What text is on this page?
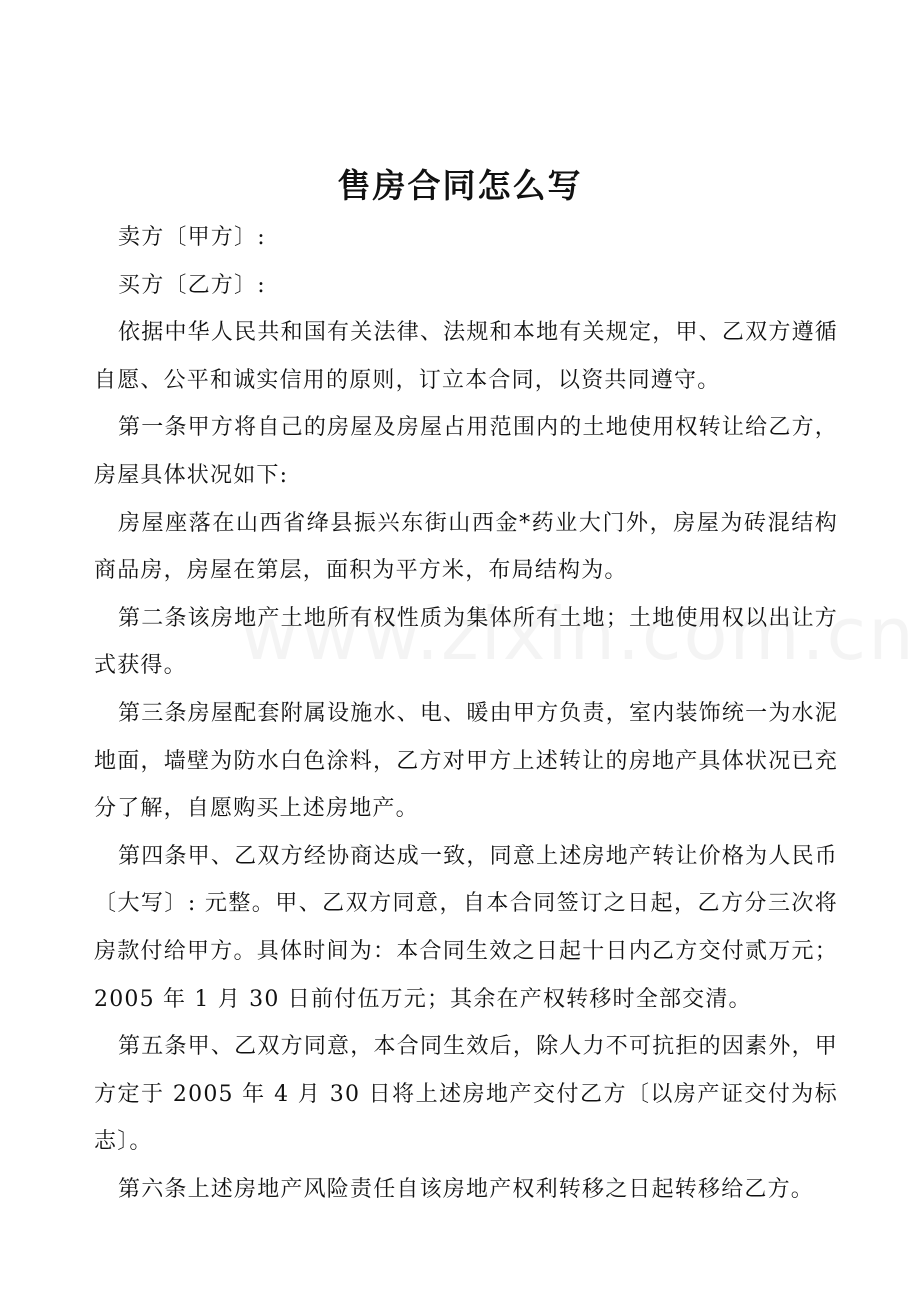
售房合同怎么写

卖方〔甲方〕:

买方〔乙方〕:

依据中华人民共和国有关法律、法规和本地有关规定，甲、乙双方遵循自愿、公平和诚实信用的原则，订立本合同，以资共同遵守。

第一条甲方将自己的房屋及房屋占用范围内的土地使用权转让给乙方，房屋具体状况如下:

房屋座落在山西省绛县振兴东街山西金*药业大门外，房屋为砖混结构商品房，房屋在第层，面积为平方米，布局结构为。

第二条该房地产土地所有权性质为集体所有土地；土地使用权以出让方式获得。

第三条房屋配套附属设施水、电、暖由甲方负责，室内装饰统一为水泥地面，墙壁为防水白色涂料，乙方对甲方上述转让的房地产具体状况已充分了解，自愿购买上述房地产。

第四条甲、乙双方经协商达成一致，同意上述房地产转让价格为人民币〔大写〕: 元整。甲、乙双方同意，自本合同签订之日起，乙方分三次将房款付给甲方。具体时间为：本合同生效之日起十日内乙方交付贰万元；2005 年 1 月 30 日前付伍万元；其余在产权转移时全部交清。

第五条甲、乙双方同意，本合同生效后，除人力不可抗拒的因素外，甲方定于 2005 年 4 月 30 日将上述房地产交付乙方〔以房产证交付为标志〕。

第六条上述房地产风险责任自该房地产权利转移之日起转移给乙方。
